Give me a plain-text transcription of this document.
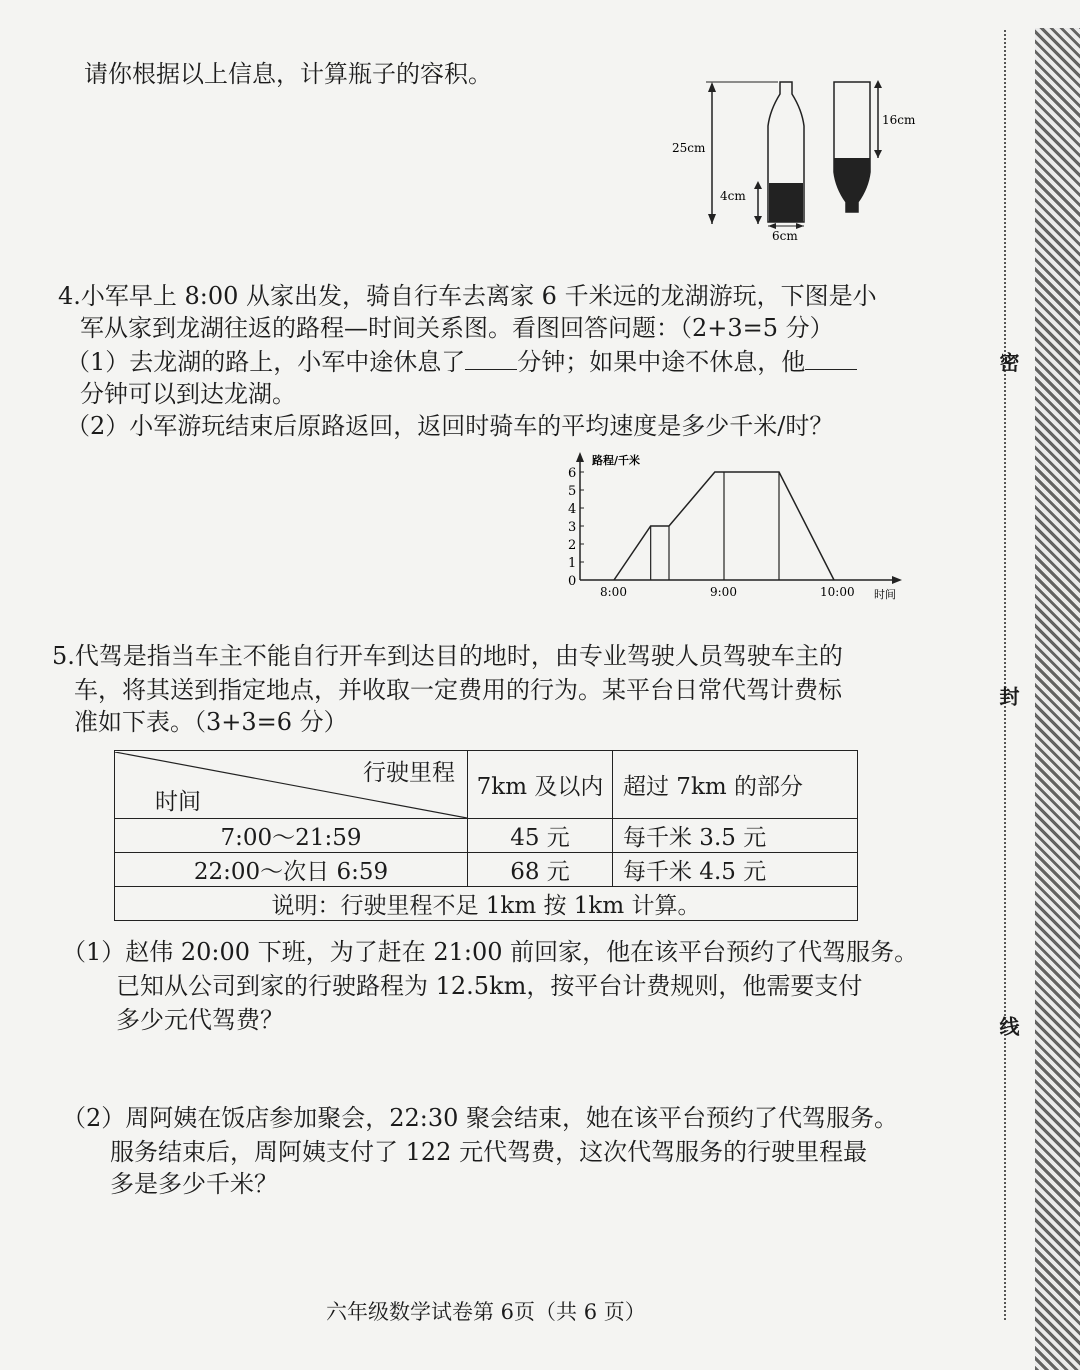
请你根据以上信息，计算瓶子的容积。
25cm
4cm
6cm
16cm
4.小军早上 8:00 从家出发，骑自行车去离家 6 千米远的龙湖游玩，下图是小
军从家到龙湖往返的路程—时间关系图。看图回答问题：（2+3=5 分）
（1）去龙湖的路上，小军中途休息了 分钟；如果中途不休息，他
分钟可以到达龙湖。
（2）小军游玩结束后原路返回，返回时骑车的平均速度是多少千米/时？
路程/千米
时间
0
1
2
3
4
5
6
8:00	9:00	10:00
5.代驾是指当车主不能自行开车到达目的地时，由专业驾驶人员驾驶车主的
车，将其送到指定地点，并收取一定费用的行为。某平台日常代驾计费标
准如下表。（3+3=6 分）
行驶里程
时间	7km 及以内	超过 7km 的部分
7:00～21:59	45 元	每千米 3.5 元
22:00～次日 6:59	68 元	每千米 4.5 元
说明：行驶里程不足 1km 按 1km 计算。		
（1）赵伟 20:00 下班，为了赶在 21:00 前回家，他在该平台预约了代驾服务。
已知从公司到家的行驶路程为 12.5km，按平台计费规则，他需要支付
多少元代驾费？
（2）周阿姨在饭店参加聚会，22:30 聚会结束，她在该平台预约了代驾服务。
服务结束后，周阿姨支付了 122 元代驾费，这次代驾服务的行驶里程最
多是多少千米？
六年级数学试卷第 6页（共 6 页）
密
封
线
